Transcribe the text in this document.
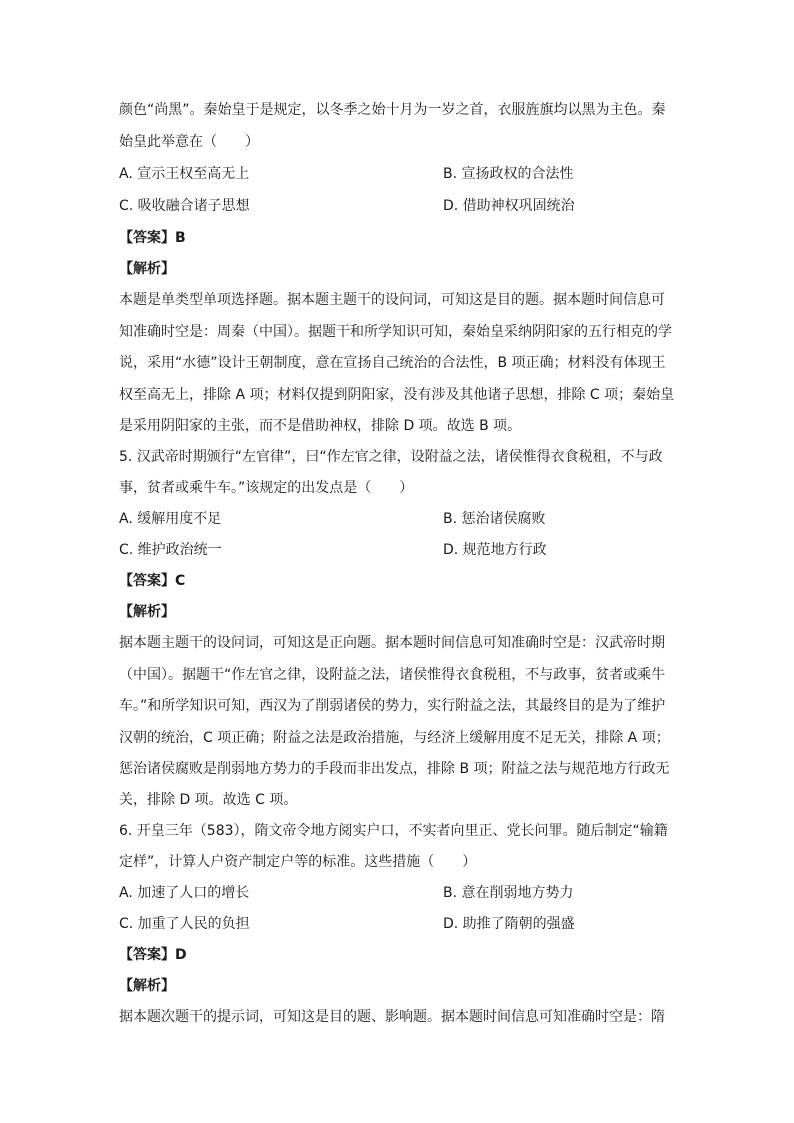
颜色“尚黑”。秦始皇于是规定，以冬季之始十月为一岁之首，衣服旌旗均以黑为主色。秦
始皇此举意在（　　）
A. 宣示王权至高无上	B. 宣扬政权的合法性
C. 吸收融合诸子思想	D. 借助神权巩固统治
【答案】B
【解析】
本题是单类型单项选择题。据本题主题干的设问词，可知这是目的题。据本题时间信息可
知准确时空是：周秦（中国）。据题干和所学知识可知，秦始皇采纳阴阳家的五行相克的学
说，采用“水德”设计王朝制度，意在宣扬自己统治的合法性，B 项正确；材料没有体现王
权至高无上，排除 A 项；材料仅提到阴阳家，没有涉及其他诸子思想，排除 C 项；秦始皇
是采用阴阳家的主张，而不是借助神权，排除 D 项。故选 B 项。
5. 汉武帝时期颁行“左官律”，曰“作左官之律，设附益之法，诸侯惟得衣食税租，不与政
事，贫者或乘牛车。”该规定的出发点是（　　）
A. 缓解用度不足	B. 惩治诸侯腐败
C. 维护政治统一	D. 规范地方行政
【答案】C
【解析】
据本题主题干的设问词，可知这是正向题。据本题时间信息可知准确时空是：汉武帝时期
（中国）。据题干“作左官之律，设附益之法，诸侯惟得衣食税租，不与政事，贫者或乘牛
车。”和所学知识可知，西汉为了削弱诸侯的势力，实行附益之法，其最终目的是为了维护
汉朝的统治，C 项正确；附益之法是政治措施，与经济上缓解用度不足无关，排除 A 项；
惩治诸侯腐败是削弱地方势力的手段而非出发点，排除 B 项；附益之法与规范地方行政无
关，排除 D 项。故选 C 项。
6. 开皇三年（583），隋文帝令地方阅实户口，不实者向里正、党长问罪。随后制定“输籍
定样”，计算人户资产制定户等的标准。这些措施（　　）
A. 加速了人口的增长	B. 意在削弱地方势力
C. 加重了人民的负担	D. 助推了隋朝的强盛
【答案】D
【解析】
据本题次题干的提示词，可知这是目的题、影响题。据本题时间信息可知准确时空是：隋
